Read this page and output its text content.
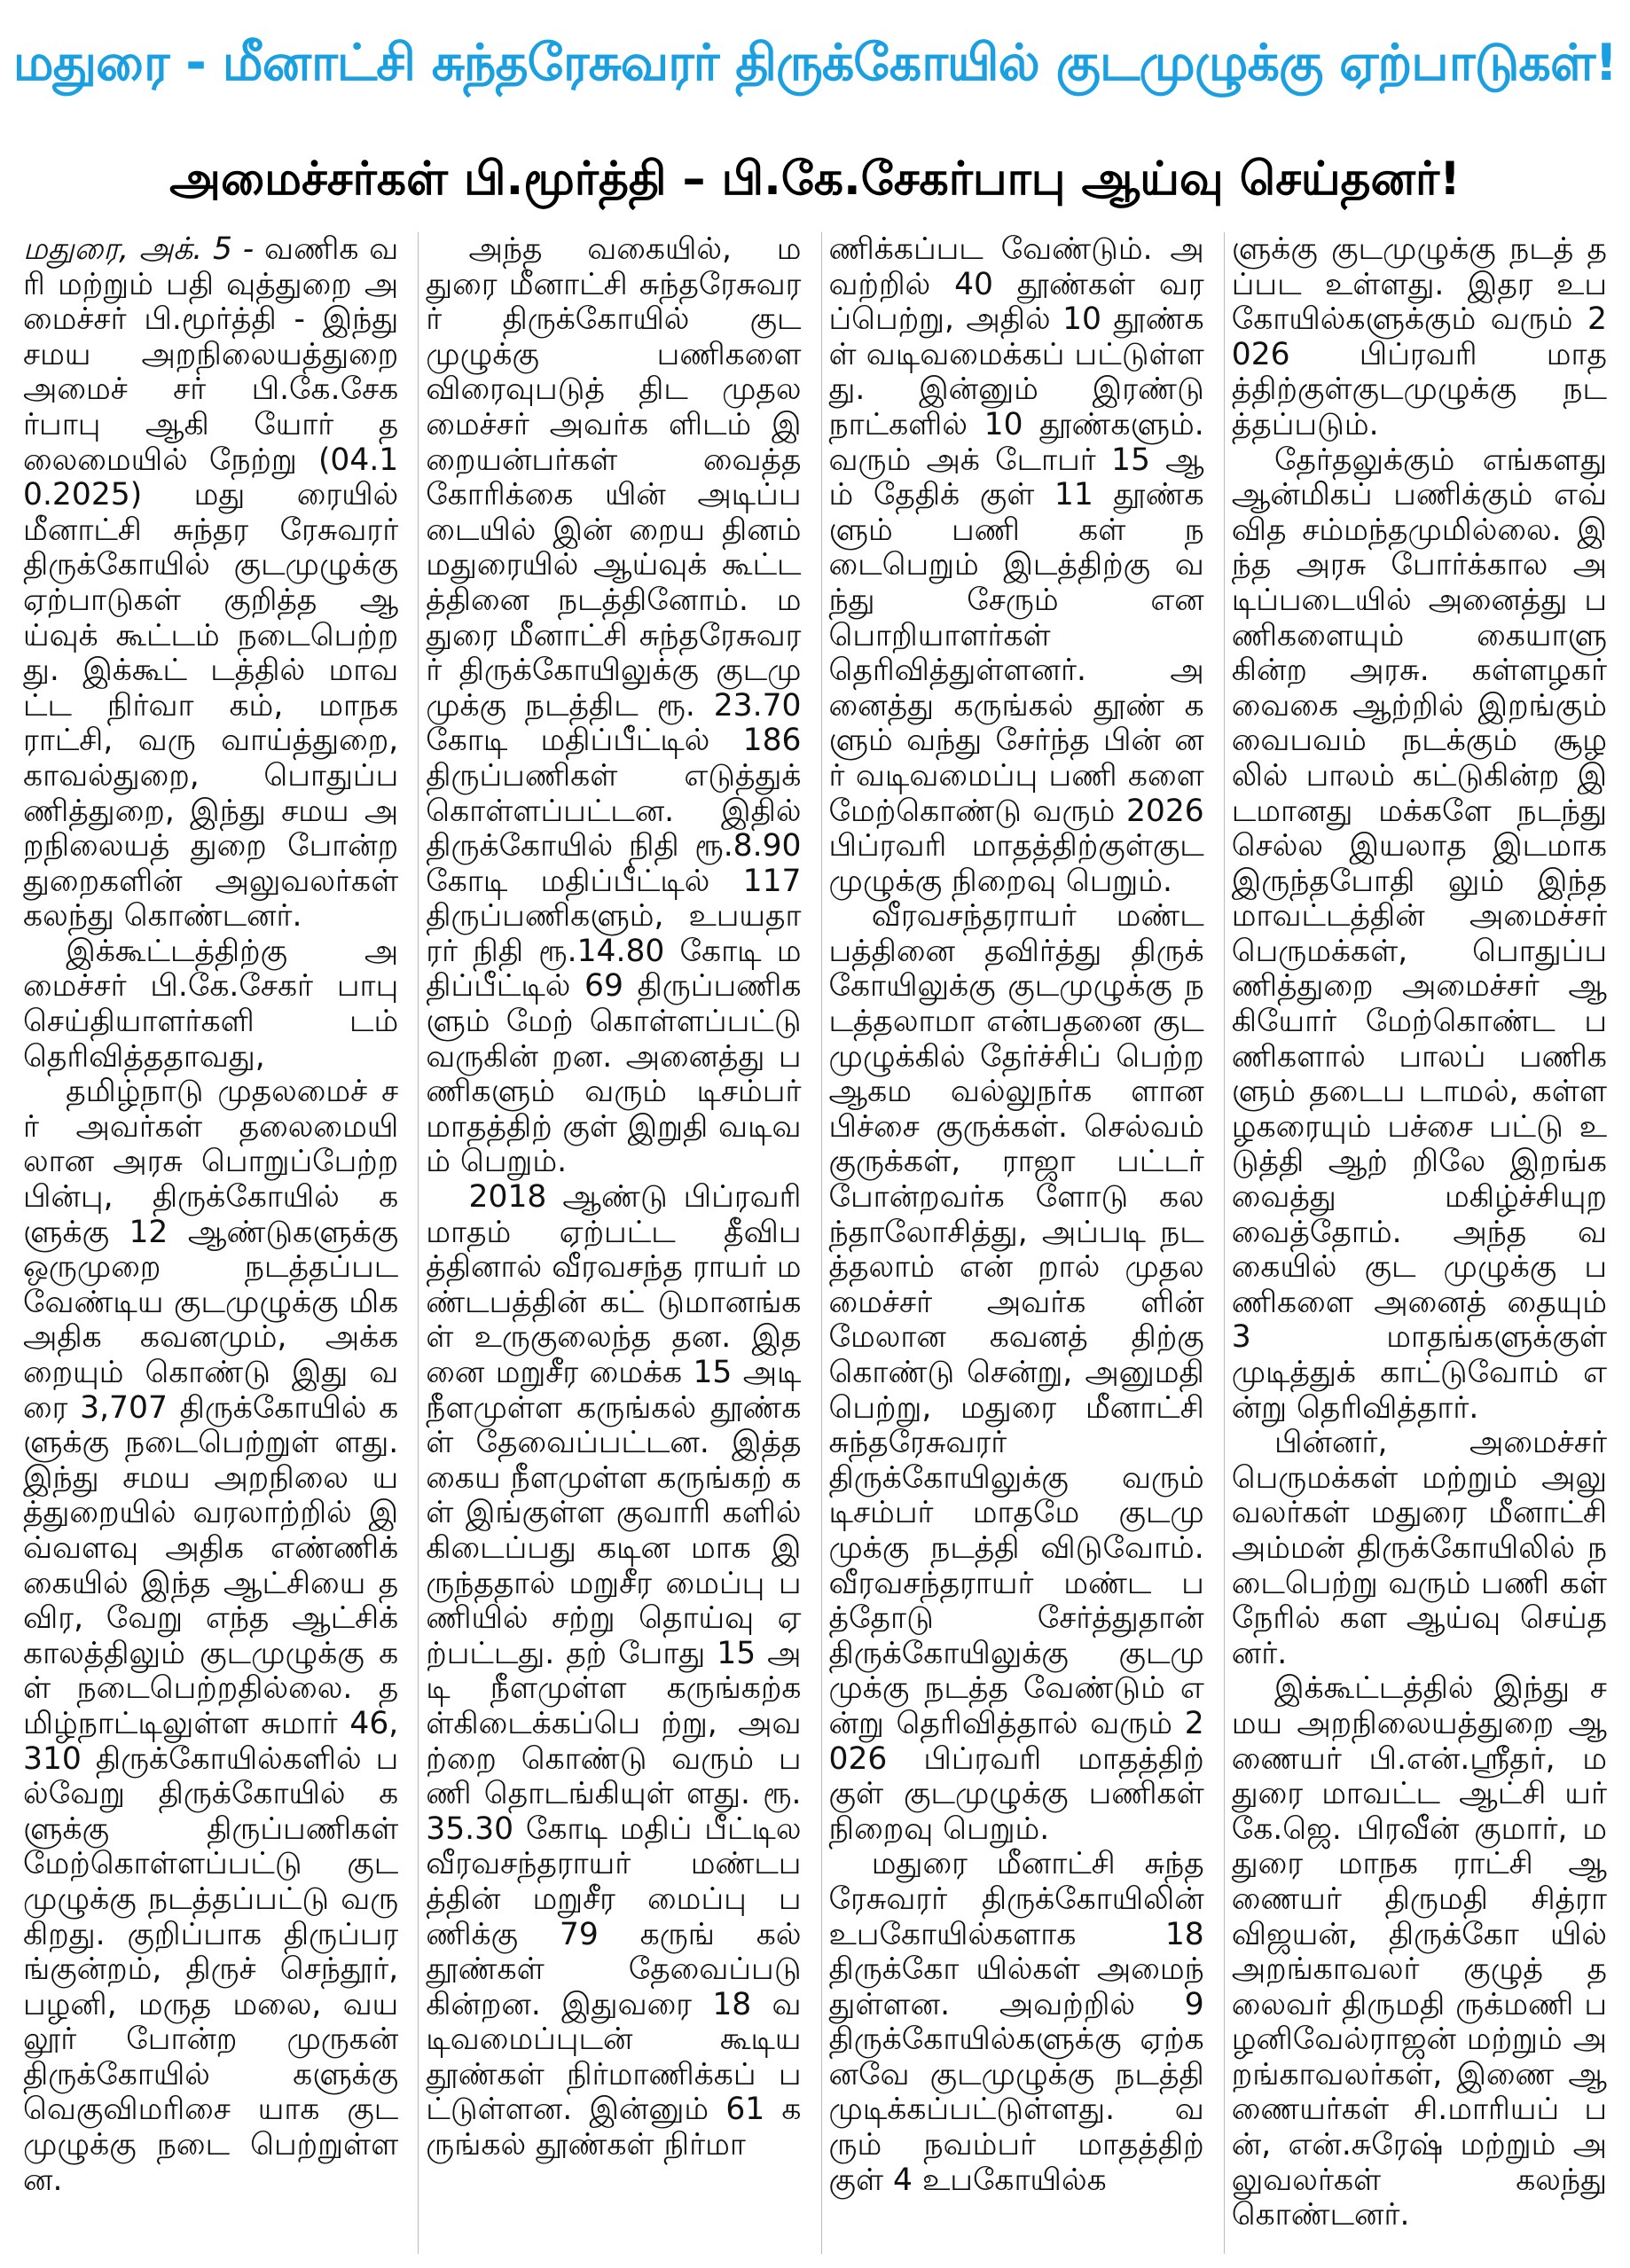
மதுரை - மீனாட்சி சுந்தரேசுவரர் திருக்கோயில் குடமுழுக்கு ஏற்பாடுகள்!
அமைச்சர்கள் பி.மூர்த்தி – பி.கே.சேகர்பாபு ஆய்வு செய்தனர்!

மதுரை, அக். 5 - வணிக வரி மற்றும் பதி வுத்துறை அமைச்சர் பி.மூர்த்தி - இந்து சமய அறநிலையத்துறை அமைச் சர் பி.கே.சேகர்பாபு ஆகி யோர் தலைமையில் நேற்று (04.10.2025) மது ரையில் மீனாட்சி சுந்தர ரேசுவரர் திருக்கோயில் குடமுழுக்கு ஏற்பாடுகள் குறித்த ஆய்வுக் கூட்டம் நடைபெற்றது. இக்கூட் டத்தில் மாவட்ட நிர்வா கம், மாநகராட்சி, வரு வாய்த்துறை, காவல்துறை, பொதுப்பணித்துறை, இந்து சமய அறநிலையத் துறை போன்றதுறைகளின் அலுவலர்கள் கலந்து கொண்டனர்.

இக்கூட்டத்திற்கு அமைச்சர் பி.கே.சேகர் பாபு செய்தியாளர்களி டம் தெரிவித்ததாவது,

தமிழ்நாடு முதலமைச் சர் அவர்கள் தலைமையி லான அரசு பொறுப்பேற்ற பின்பு, திருக்கோயில் களுக்கு 12 ஆண்டுகளுக்கு ஒருமுறை நடத்தப்பட வேண்டிய குடமுழுக்கு மிக அதிக கவனமும், அக்க றையும் கொண்டு இது வரை 3,707 திருக்கோயில் களுக்கு நடைபெற்றுள் ளது. இந்து சமய அறநிலை யத்துறையில் வரலாற்றில் இவ்வளவு அதிக எண்ணிக் கையில் இந்த ஆட்சியை தவிர, வேறு எந்த ஆட்சிக் காலத்திலும் குடமுழுக்கு கள் நடைபெற்றதில்லை. தமிழ்நாட்டிலுள்ள சுமார் 46,310 திருக்கோயில்களில் பல்வேறு திருக்கோயில் களுக்கு திருப்பணிகள் மேற்கொள்ளப்பட்டு குட முழுக்கு நடத்தப்பட்டு வரு கிறது. குறிப்பாக திருப்பரங்குன்றம், திருச் செந்தூர், பழனி, மருத மலை, வயலூர் போன்ற முருகன் திருக்கோயில் களுக்கு வெகுவிமரிசை யாக குடமுழுக்கு நடை பெற்றுள்ளன.

அந்த வகையில், மதுரை மீனாட்சி சுந்தரேசுவரர் திருக்கோயில் குடமுழுக்கு பணிகளை விரைவுபடுத் திட முதலமைச்சர் அவர்க ளிடம் இறையன்பர்கள் வைத்த கோரிக்கை யின் அடிப்படையில் இன் றைய தினம் மதுரையில் ஆய்வுக் கூட்டத்தினை நடத்தினோம். மதுரை மீனாட்சி சுந்தரேசுவரர் திருக்கோயிலுக்கு குடமு முக்கு நடத்திட ரூ. 23.70 கோடி மதிப்பீட்டில் 186 திருப்பணிகள் எடுத்துக் கொள்ளப்பட்டன. இதில் திருக்கோயில் நிதி ரூ.8.90 கோடி மதிப்பீட்டில் 117 திருப்பணிகளும், உபயதா ரர் நிதி ரூ.14.80 கோடி மதிப்பீட்டில் 69 திருப்பணிகளும் மேற் கொள்ளப்பட்டு வருகின் றன. அனைத்து பணிகளும் வரும் டிசம்பர் மாதத்திற் குள் இறுதி வடிவம் பெறும்.

2018 ஆண்டு பிப்ரவரி மாதம் ஏற்பட்ட தீவிபத்தினால் வீரவசந்த ராயர் மண்டபத்தின் கட் டுமானங்கள் உருகுலைந்த தன. இதனை மறுசீர மைக்க 15 அடி நீளமுள்ள கருங்கல் தூண்கள் தேவைப்பட்டன. இத்த கைய நீளமுள்ள கருங்கற் கள் இங்குள்ள குவாரி களில் கிடைப்பது கடின மாக இருந்ததால் மறுசீர மைப்பு பணியில் சற்று தொய்வு ஏற்பட்டது. தற் போது 15 அடி நீளமுள்ள கருங்கற்கள்கிடைக்கப்பெ ற்று, அவற்றை கொண்டு வரும் பணி தொடங்கியுள் ளது. ரூ. 35.30 கோடி மதிப் பீட்டில வீரவசந்தராயர் மண்டபத்தின் மறுசீர மைப்பு பணிக்கு 79 கருங் கல் தூண்கள் தேவைப்படு கின்றன. இதுவரை 18 வடிவமைப்புடன் கூடிய தூண்கள் நிர்மாணிக்கப் பட்டுள்ளன. இன்னும் 61 கருங்கல் தூண்கள் நிர்மா

ணிக்கப்பட வேண்டும். அவற்றில் 40 தூண்கள் வரப்பெற்று, அதில் 10 தூண்கள் வடிவமைக்கப் பட்டுள்ளது. இன்னும் இரண்டு நாட்களில் 10 தூண்களும். வரும் அக் டோபர் 15 ஆம் தேதிக் குள் 11 தூண்களும் பணி கள் நடைபெறும் இடத்திற்கு வந்து சேரும் என பொறியாளர்கள் தெரிவித்துள்ளனர். அனைத்து கருங்கல் தூண் களும் வந்து சேர்ந்த பின் னர் வடிவமைப்பு பணி களை மேற்கொண்டு வரும் 2026 பிப்ரவரி மாதத்திற்குள்குடமுழுக்கு நிறைவு பெறும்.

வீரவசந்தராயர் மண்ட பத்தினை தவிர்த்து திருக் கோயிலுக்கு குடமுழுக்கு நடத்தலாமா என்பதனை குடமுழுக்கில் தேர்ச்சிப் பெற்ற ஆகம வல்லுநர்க ளான பிச்சை குருக்கள். செல்வம் குருக்கள், ராஜா பட்டர் போன்றவர்க ளோடு கலந்தாலோசித்து, அப்படி நடத்தலாம் என் றால் முதலமைச்சர் அவர்க ளின் மேலான கவனத் திற்கு கொண்டு சென்று, அனுமதி பெற்று, மதுரை மீனாட்சி சுந்தரேசுவரர் திருக்கோயிலுக்கு வரும் டிசம்பர் மாதமே குடமு முக்கு நடத்தி விடுவோம். வீரவசந்தராயர் மண்ட பத்தோடு சேர்த்துதான் திருக்கோயிலுக்கு குடமு முக்கு நடத்த வேண்டும் என்று தெரிவித்தால் வரும் 2026 பிப்ரவரி மாதத்திற் குள் குடமுழுக்கு பணிகள் நிறைவு பெறும்.

மதுரை மீனாட்சி சுந்த ரேசுவரர் திருக்கோயிலின் உபகோயில்களாக 18 திருக்கோ யில்கள் அமைந் துள்ளன. அவற்றில் 9 திருக்கோயில்களுக்கு ஏற்க னவே குடமுழுக்கு நடத்தி முடிக்கப்பட்டுள்ளது. வரும் நவம்பர் மாதத்திற் குள் 4 உபகோயில்க

ளுக்கு குடமுழுக்கு நடத் தப்பட உள்ளது. இதர உபகோயில்களுக்கும் வரும் 2026 பிப்ரவரி மாதத்திற்குள்குடமுழுக்கு நடத்தப்படும்.

தேர்தலுக்கும் எங்களது ஆன்மிகப் பணிக்கும் எவ் வித சம்மந்தமுமில்லை. இந்த அரசு போர்க்கால அடிப்படையில் அனைத்து பணிகளையும் கையாளு கின்ற அரசு. கள்ளழகர் வைகை ஆற்றில் இறங்கும் வைபவம் நடக்கும் சூழ லில் பாலம் கட்டுகின்ற இடமானது மக்களே நடந்து செல்ல இயலாத இடமாக இருந்தபோதி லும் இந்த மாவட்டத்தின் அமைச்சர் பெருமக்கள், பொதுப்பணித்துறை அமைச்சர் ஆகியோர் மேற்கொண்ட பணிகளால் பாலப் பணிகளும் தடைப டாமல், கள்ளழகரையும் பச்சை பட்டு உடுத்தி ஆற் றிலே இறங்க வைத்து மகிழ்ச்சியுற வைத்தோம். அந்த வகையில் குட முழுக்கு பணிகளை அனைத் தையும் 3 மாதங்களுக்குள் முடித்துக் காட்டுவோம் என்று தெரிவித்தார்.

பின்னர், அமைச்சர் பெருமக்கள் மற்றும் அலு வலர்கள் மதுரை மீனாட்சி அம்மன் திருக்கோயிலில் நடைபெற்று வரும் பணி கள் நேரில் கள ஆய்வு செய்தனர்.

இக்கூட்டத்தில் இந்து சமய அறநிலையத்துறை ஆணையர் பி.என்.ஸ்ரீதர், மதுரை மாவட்ட ஆட்சி யர் கே.ஜெ. பிரவீன் குமார், மதுரை மாநக ராட்சி ஆணையர் திருமதி சித்ரா விஜயன், திருக்கோ யில் அறங்காவலர் குழுத் தலைவர் திருமதி ருக்மணி பழனிவேல்ராஜன் மற்றும் அறங்காவலர்கள், இணை ஆணையர்கள் சி.மாரியப் பன், என்.சுரேஷ் மற்றும் அலுவலர்கள் கலந்து கொண்டனர்.
